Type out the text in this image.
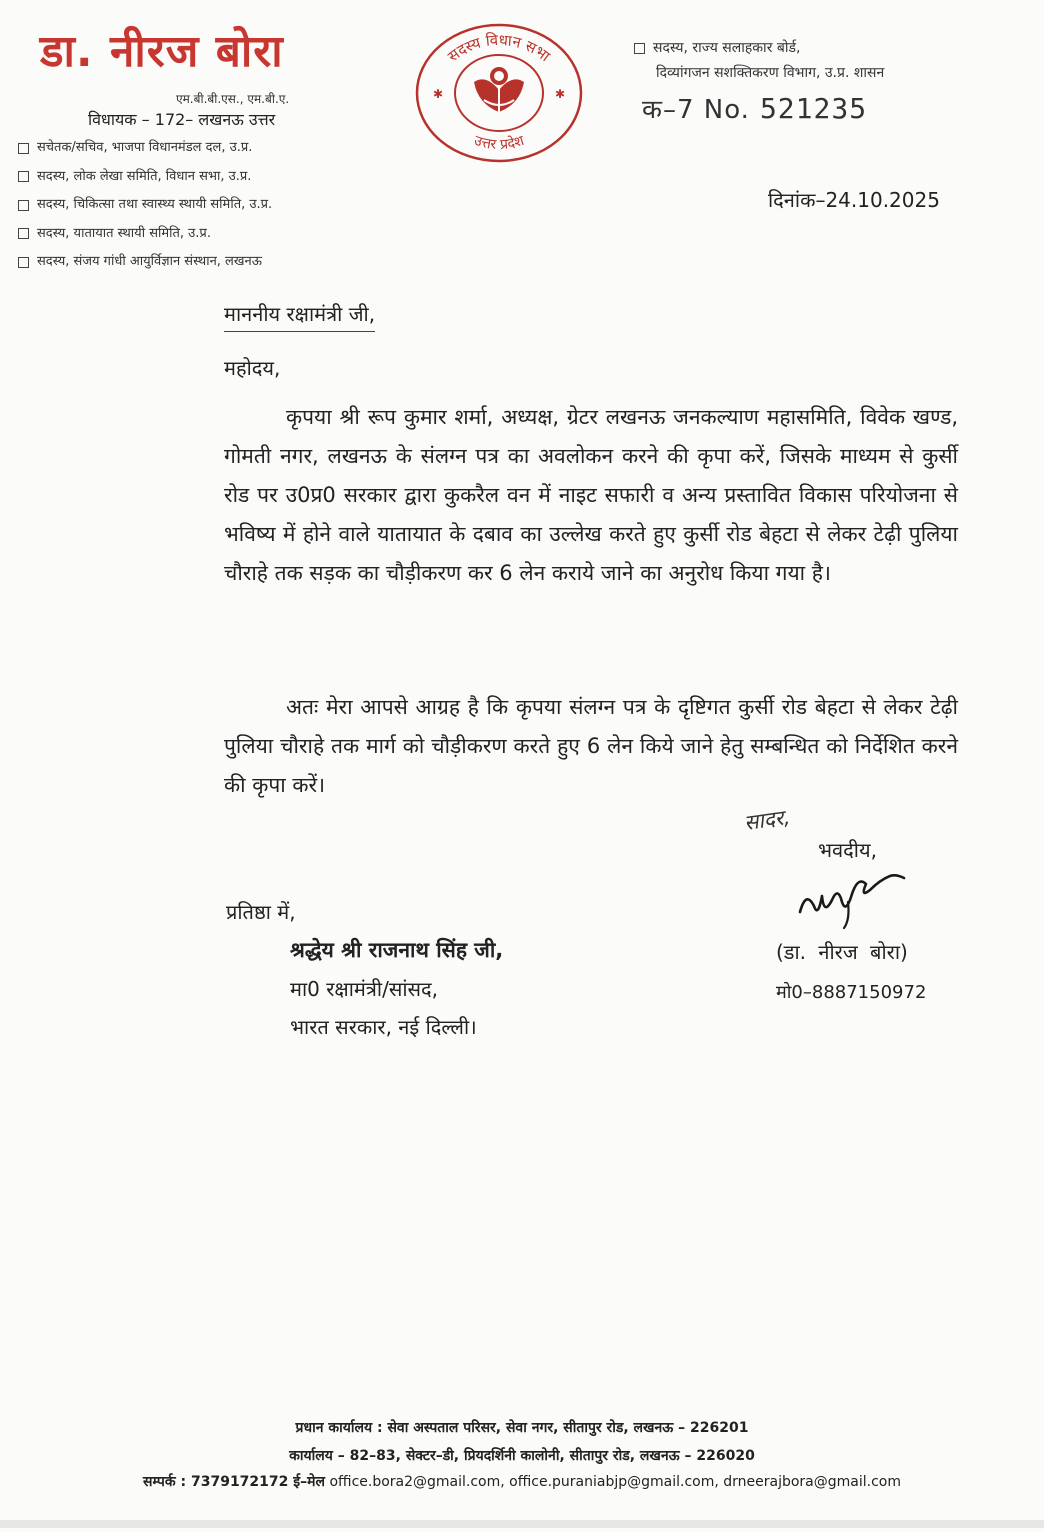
डा. नीरज बोरा
एम.बी.बी.एस., एम.बी.ए.
विधायक – 172– लखनऊ उत्तर
सचेतक/सचिव, भाजपा विधानमंडल दल, उ.प्र.
सदस्य, लोक लेखा समिति, विधान सभा, उ.प्र.
सदस्य, चिकित्सा तथा स्वास्थ्य स्थायी समिति, उ.प्र.
सदस्य, यातायात स्थायी समिति, उ.प्र.
सदस्य, संजय गांधी आयुर्विज्ञान संस्थान, लखनऊ
सदस्य विधान सभा
उत्तर प्रदेश
✱	✱
सदस्य, राज्य सलाहकार बोर्ड,
दिव्यांगजन सशक्तिकरण विभाग, उ.प्र. शासन
क–7 No. 521235
दिनांक–24.10.2025
माननीय रक्षामंत्री जी,
महोदय,

कृपया श्री रूप कुमार शर्मा, अध्यक्ष, ग्रेटर लखनऊ जनकल्याण महासमिति, विवेक खण्ड, गोमती नगर, लखनऊ के संलग्न पत्र का अवलोकन करने की कृपा करें, जिसके माध्यम से कुर्सी रोड पर उ0प्र0 सरकार द्वारा कुकरैल वन में नाइट सफारी व अन्य प्रस्तावित विकास परियोजना से भविष्य में होने वाले यातायात के दबाव का उल्लेख करते हुए कुर्सी रोड बेहटा से लेकर टेढ़ी पुलिया चौराहे तक सड़क का चौड़ीकरण कर 6 लेन कराये जाने का अनुरोध किया गया है।

अतः मेरा आपसे आग्रह है कि कृपया संलग्न पत्र के दृष्टिगत कुर्सी रोड बेहटा से लेकर टेढ़ी पुलिया चौराहे तक मार्ग को चौड़ीकरण करते हुए 6 लेन किये जाने हेतु सम्बन्धित को निर्देशित करने की कृपा करें।

सादर,
भवदीय,
(डा. नीरज बोरा)
मो0–8887150972
प्रतिष्ठा में,
श्रद्धेय श्री राजनाथ सिंह जी,
मा0 रक्षामंत्री/सांसद,
भारत सरकार, नई दिल्ली।
प्रधान कार्यालय : सेवा अस्पताल परिसर, सेवा नगर, सीतापुर रोड, लखनऊ – 226201
कार्यालय – 82–83, सेक्टर–डी, प्रियदर्शिनी कालोनी, सीतापुर रोड, लखनऊ – 226020
सम्पर्क : 7379172172 ई–मेल office.bora2@gmail.com, office.puraniabjp@gmail.com, drneerajbora@gmail.com
